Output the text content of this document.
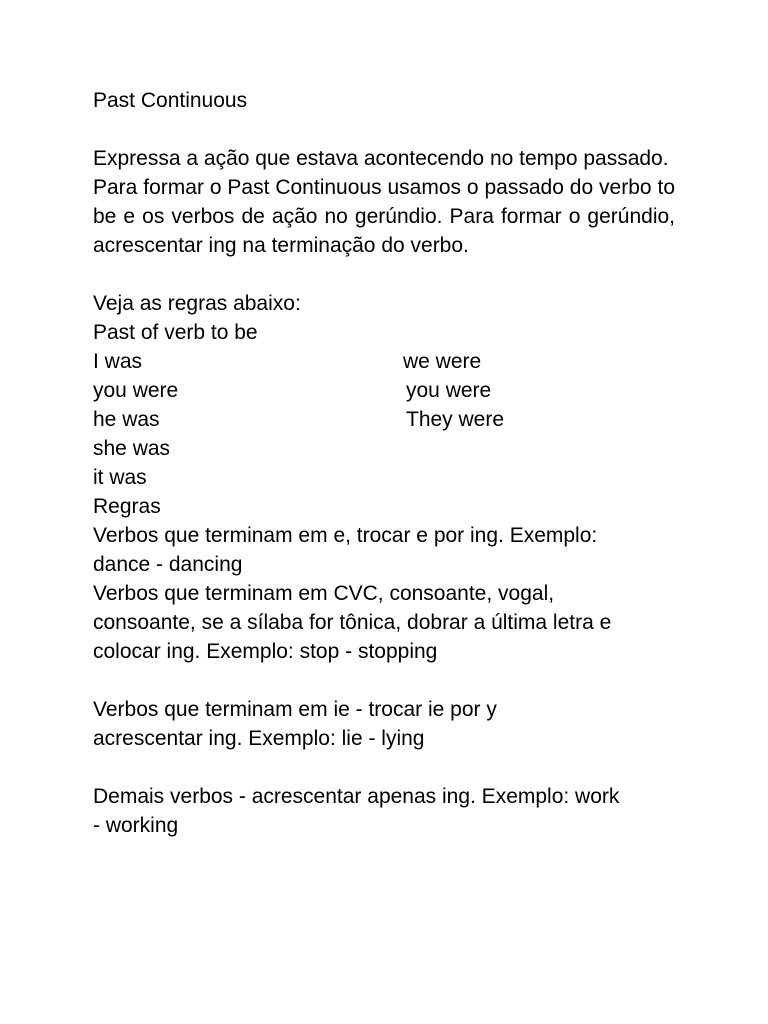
Past Continuous
Expressa a ação que estava acontecendo no tempo passado.
Para formar o Past Continuous usamos o passado do verbo to be e os verbos de ação no gerúndio. Para formar o gerúndio, acrescentar ing na terminação do verbo.
Veja as regras abaixo:
Past of verb to be
I was	we were
you were	you were
he was	They were
she was
it was
Regras
Verbos que terminam em e, trocar e por ing. Exemplo:
dance - dancing
Verbos que terminam em CVC, consoante, vogal,
consoante, se a sílaba for tônica, dobrar a última letra e
colocar ing. Exemplo: stop - stopping
Verbos que terminam em ie - trocar ie por y
acrescentar ing. Exemplo: lie - lying
Demais verbos - acrescentar apenas ing. Exemplo: work
- working
